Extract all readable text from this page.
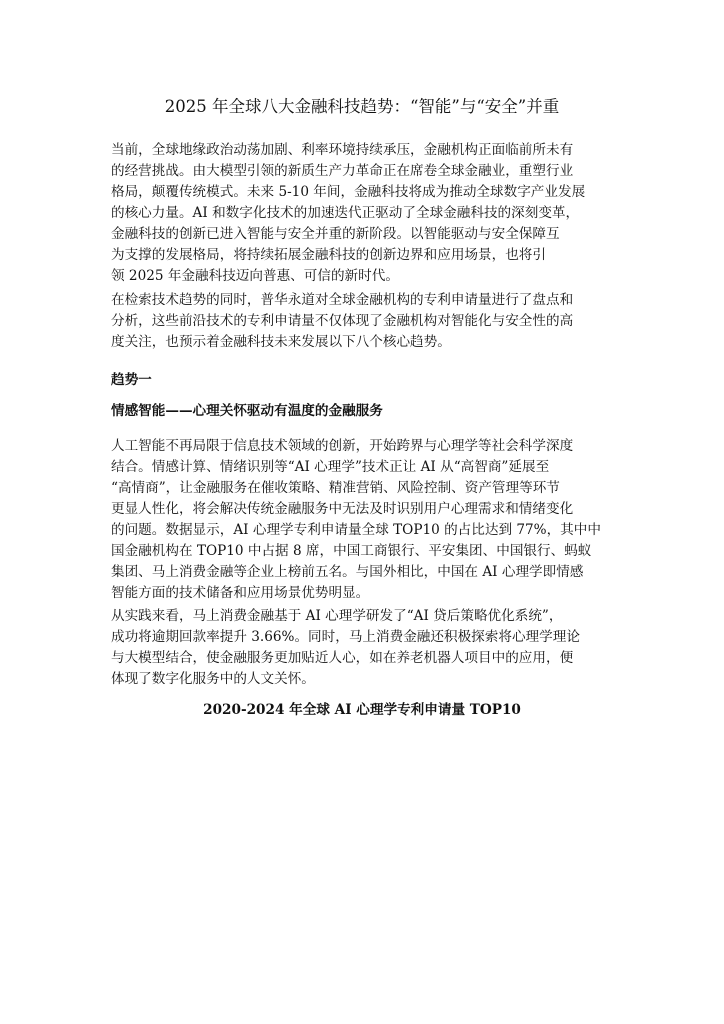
2025 年全球八大金融科技趋势：“智能”与“安全”并重
当前，全球地缘政治动荡加剧、利率环境持续承压，金融机构正面临前所未有
的经营挑战。由大模型引领的新质生产力革命正在席卷全球金融业，重塑行业
格局，颠覆传统模式。未来 5-10 年间，金融科技将成为推动全球数字产业发展
的核心力量。AI 和数字化技术的加速迭代正驱动了全球金融科技的深刻变革，
金融科技的创新已进入智能与安全并重的新阶段。以智能驱动与安全保障互
为支撑的发展格局，将持续拓展金融科技的创新边界和应用场景，也将引
领 2025 年金融科技迈向普惠、可信的新时代。
在检索技术趋势的同时，普华永道对全球金融机构的专利申请量进行了盘点和
分析，这些前沿技术的专利申请量不仅体现了金融机构对智能化与安全性的高
度关注，也预示着金融科技未来发展以下八个核心趋势。
趋势一
情感智能——心理关怀驱动有温度的金融服务
人工智能不再局限于信息技术领域的创新，开始跨界与心理学等社会科学深度
结合。情感计算、情绪识别等“AI 心理学”技术正让 AI 从“高智商”延展至
“高情商”，让金融服务在催收策略、精准营销、风险控制、资产管理等环节
更显人性化，将会解决传统金融服务中无法及时识别用户心理需求和情绪变化
的问题。数据显示，AI 心理学专利申请量全球 TOP10 的占比达到 77%，其中中
国金融机构在 TOP10 中占据 8 席，中国工商银行、平安集团、中国银行、蚂蚁
集团、马上消费金融等企业上榜前五名。与国外相比，中国在 AI 心理学即情感
智能方面的技术储备和应用场景优势明显。
从实践来看，马上消费金融基于 AI 心理学研发了“AI 贷后策略优化系统”，
成功将逾期回款率提升 3.66%。同时，马上消费金融还积极探索将心理学理论
与大模型结合，使金融服务更加贴近人心，如在养老机器人项目中的应用，便
体现了数字化服务中的人文关怀。
2020-2024 年全球 AI 心理学专利申请量 TOP10
